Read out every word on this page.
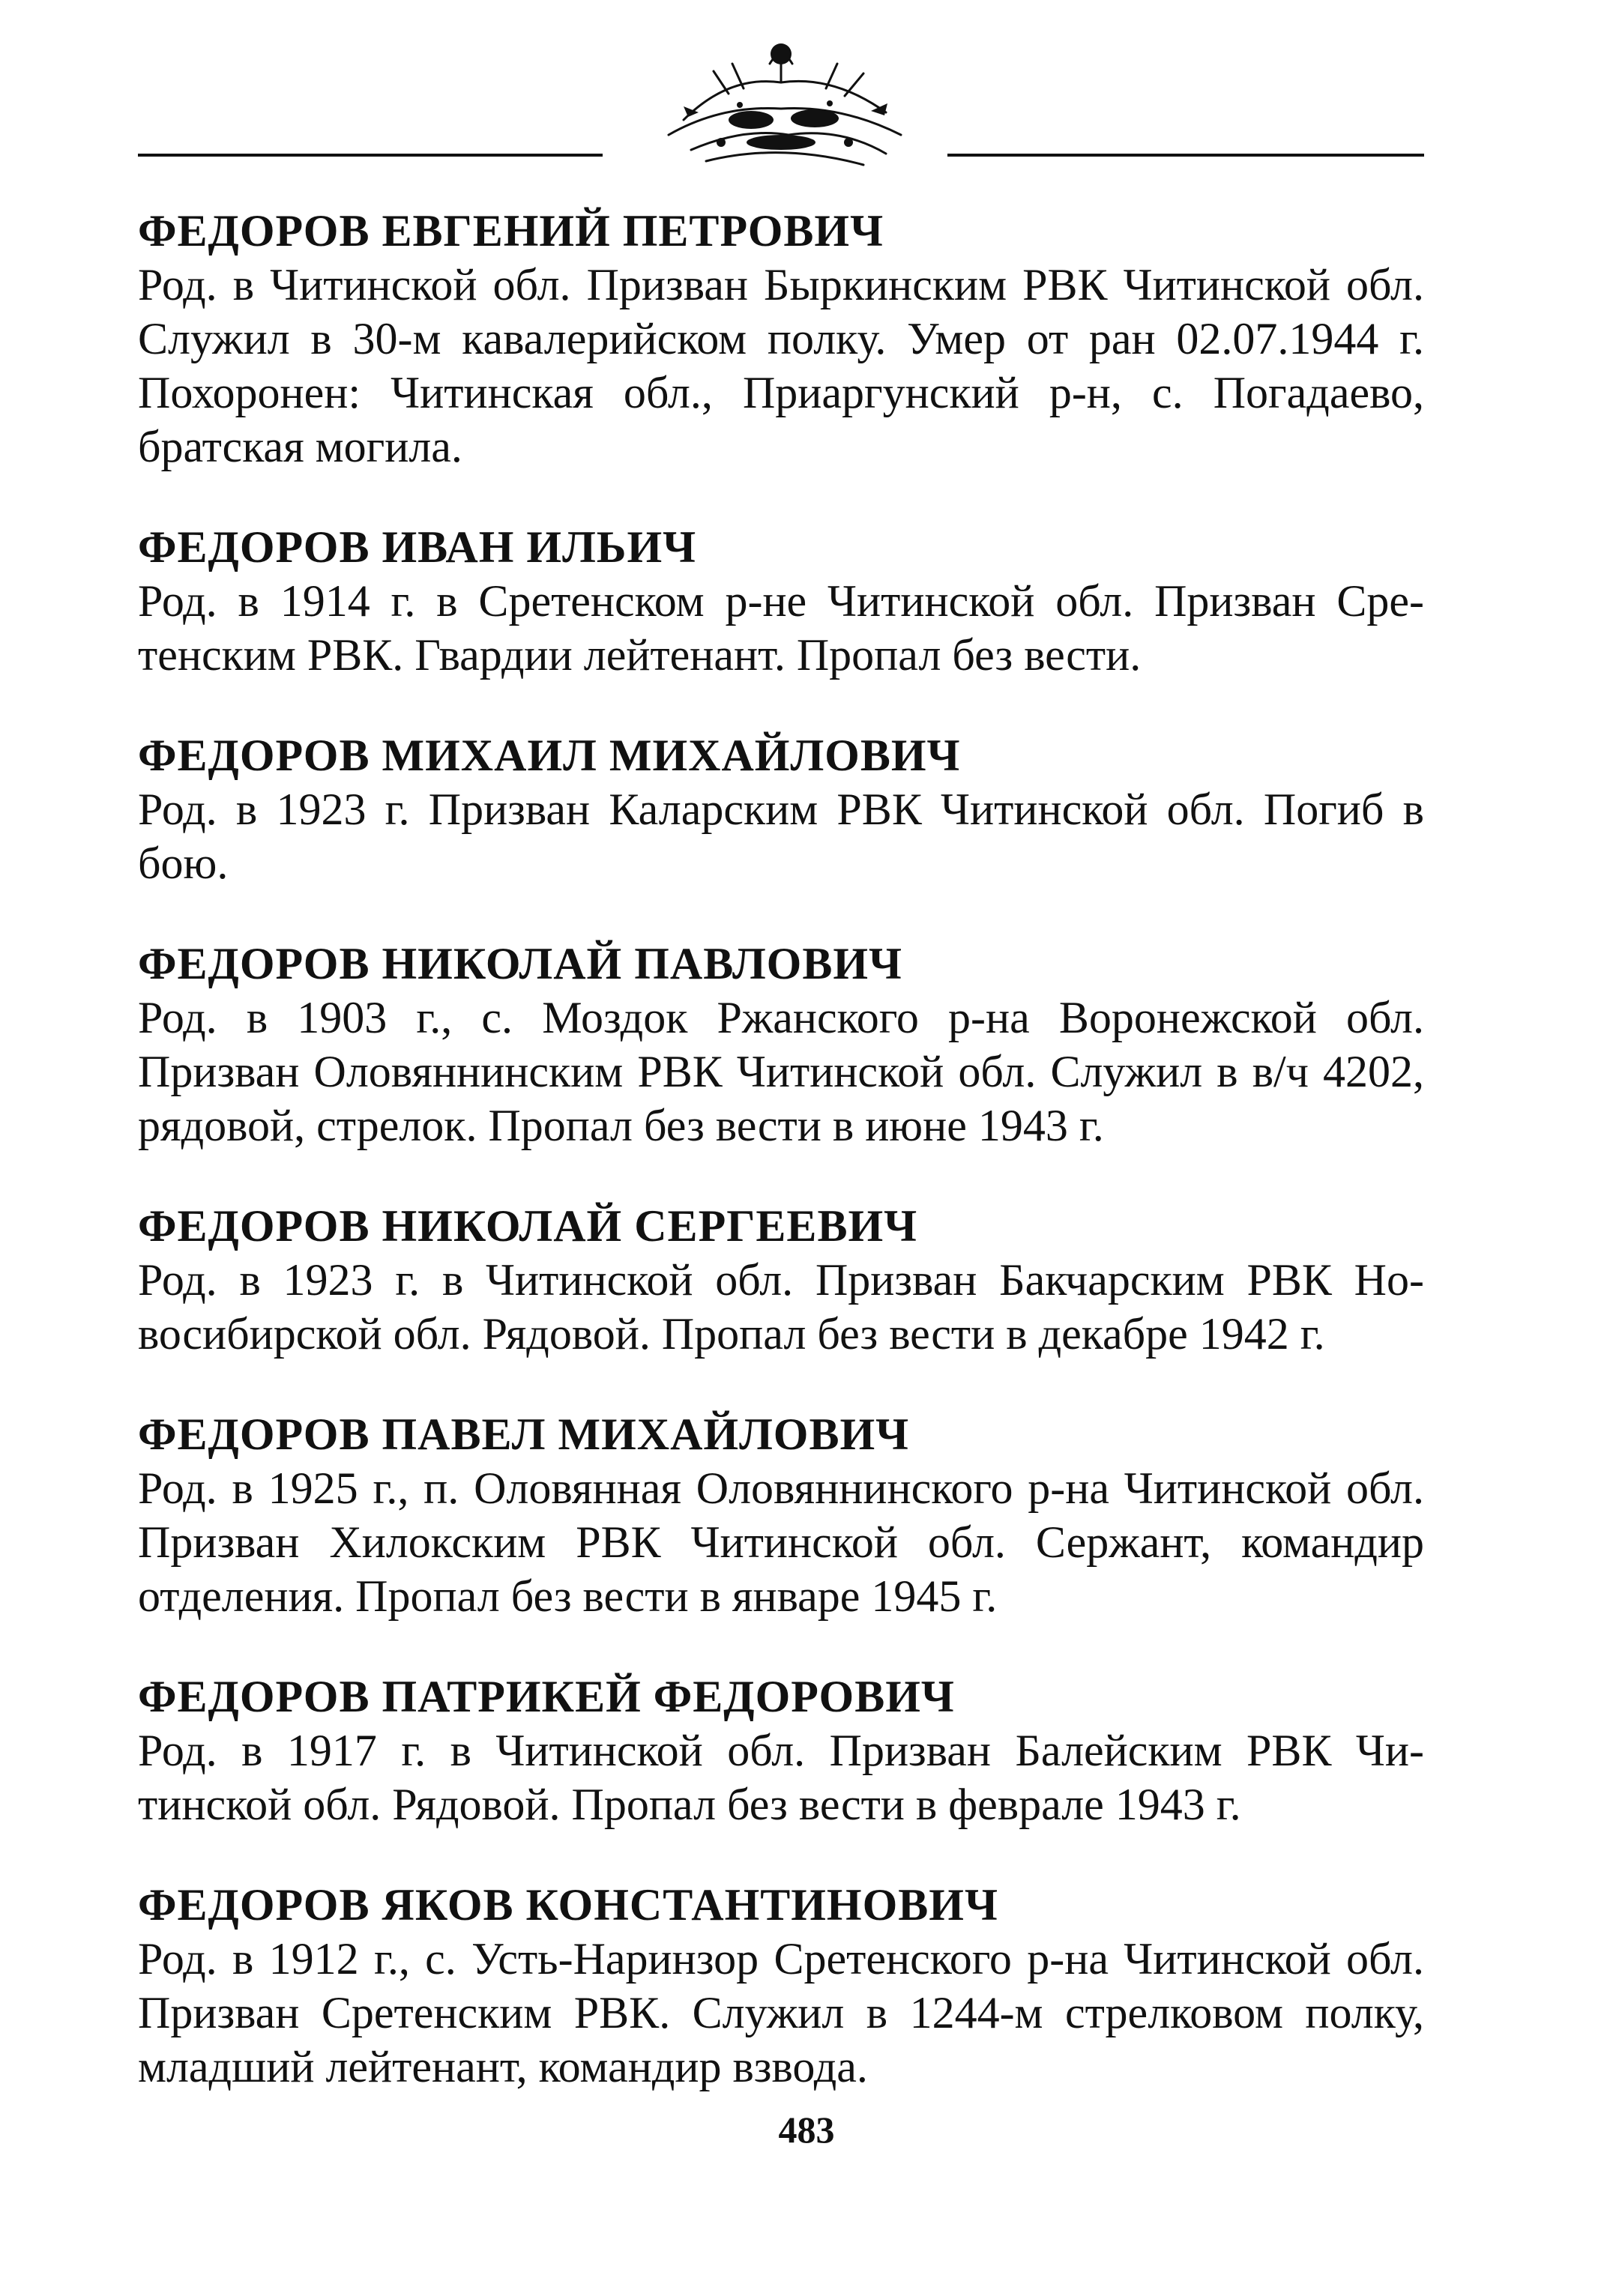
ФЕДОРОВ ЕВГЕНИЙ ПЕТРОВИЧ

Род. в Читинской обл. Призван Быркинским РВК Читинской обл. Служил в 30-м кавалерийском полку. Умер от ран 02.07.1944 г. Похоронен: Читинская обл., Приаргунский р-н, с. Погадаево, братская могила.

ФЕДОРОВ ИВАН ИЛЬИЧ

Род. в 1914 г. в Сретенском р-не Читинской обл. Призван Сретенским РВК. Гвардии лейтенант. Пропал без вести.

ФЕДОРОВ МИХАИЛ МИХАЙЛОВИЧ

Род. в 1923 г. Призван Каларским РВК Читинской обл. Погиб в бою.

ФЕДОРОВ НИКОЛАЙ ПАВЛОВИЧ

Род. в 1903 г., с. Моздок Ржанского р-на Воронежской обл. Призван Оловяннинским РВК Читинской обл. Служил в в/ч 4202, рядовой, стрелок. Пропал без вести в июне 1943 г.

ФЕДОРОВ НИКОЛАЙ СЕРГЕЕВИЧ

Род. в 1923 г. в Читинской обл. Призван Бакчарским РВК Новосибирской обл. Рядовой. Пропал без вести в декабре 1942 г.

ФЕДОРОВ ПАВЕЛ МИХАЙЛОВИЧ

Род. в 1925 г., п. Оловянная Оловяннинского р-на Читинской обл. Призван Хилокским РВК Читинской обл. Сержант, командир отделения. Пропал без вести в январе 1945 г.

ФЕДОРОВ ПАТРИКЕЙ ФЕДОРОВИЧ

Род. в 1917 г. в Читинской обл. Призван Балейским РВК Читинской обл. Рядовой. Пропал без вести в феврале 1943 г.

ФЕДОРОВ ЯКОВ КОНСТАНТИНОВИЧ

Род. в 1912 г., с. Усть-Наринзор Сретенского р-на Читинской обл. Призван Сретенским РВК. Служил в 1244-м стрелковом полку, младший лейтенант, командир взвода.

483
